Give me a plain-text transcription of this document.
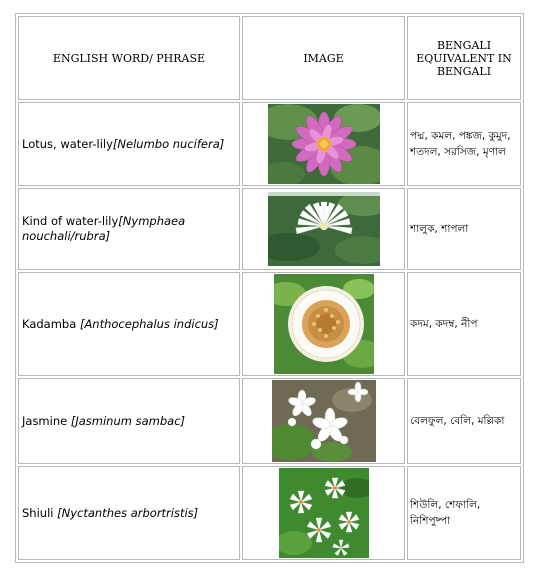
ENGLISH WORD/ PHRASE	IMAGE	BENGALI EQUIVALENT IN BENGALI
Lotus, water-lily[Nelumbo nucifera]		পদ্ম, কমল, পঙ্কজ, কুমুদ, শতদল, সরসিজ, মৃণাল
Kind of water-lily[Nymphaea nouchali/rubra]		শালুক, শাপলা
Kadamba [Anthocephalus indicus]		কদম, কদম্ব, নীপ
Jasmine [Jasminum sambac]		বেলফুল, বেলি, মল্লিকা
Shiuli [Nyctanthes arbortristis]		শিউলি, শেফালি, নিশিপুষ্পা
